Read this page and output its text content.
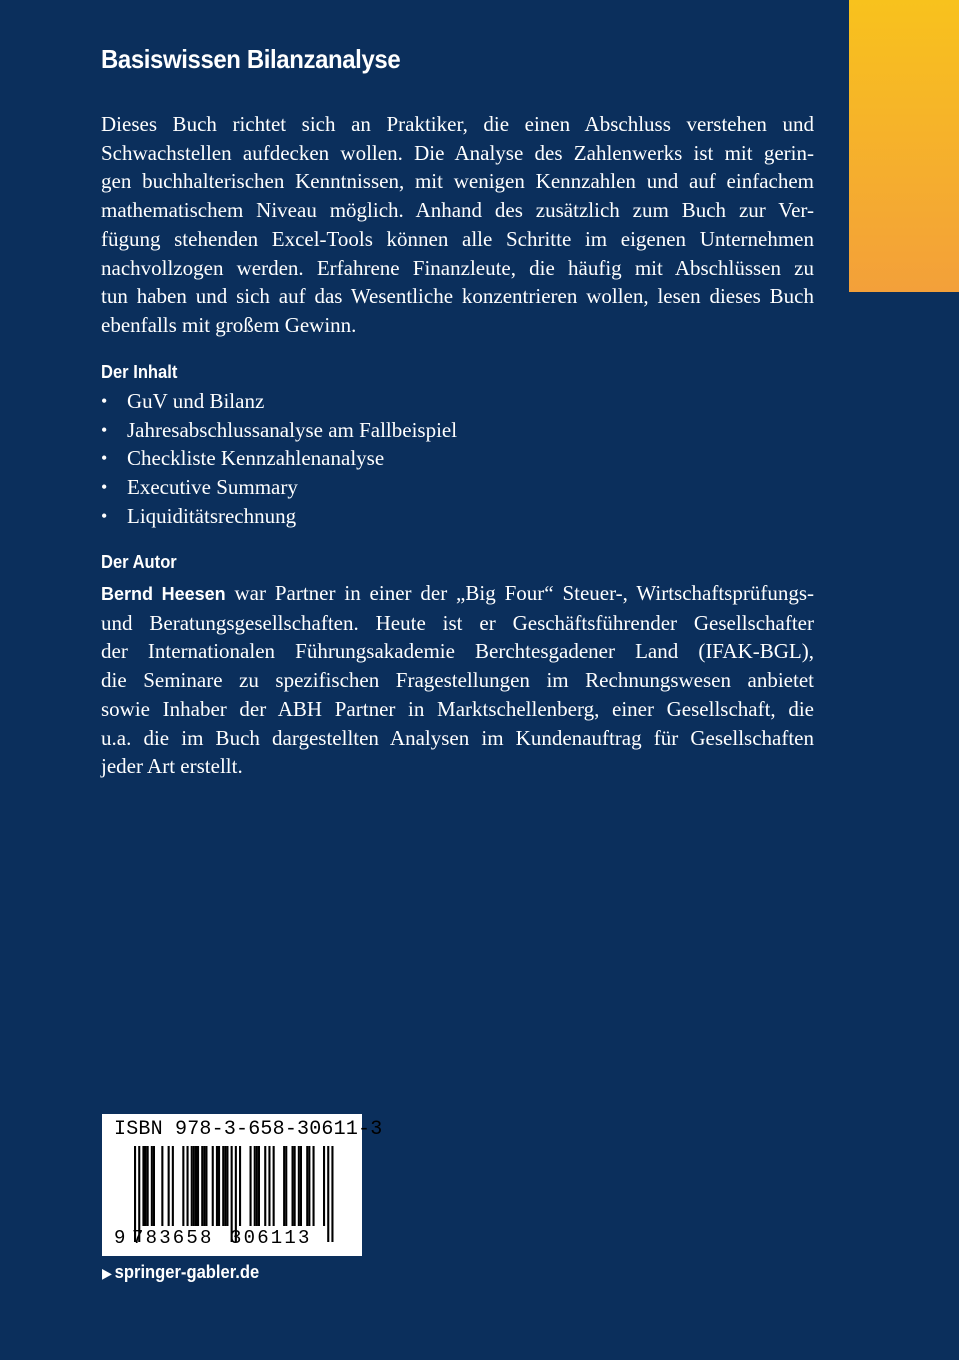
Basiswissen Bilanzanalyse

Dieses Buch richtet sich an Praktiker, die einen Abschluss verstehen und
Schwachstellen aufdecken wollen. Die Analyse des Zahlenwerks ist mit gerin-
gen buchhalterischen Kenntnissen, mit wenigen Kennzahlen und auf einfachem
mathematischem Niveau möglich. Anhand des zusätzlich zum Buch zur Ver-
fügung stehenden Excel-Tools können alle Schritte im eigenen Unternehmen
nachvollzogen werden. Erfahrene Finanzleute, die häufig mit Abschlüssen zu
tun haben und sich auf das Wesentliche konzentrieren wollen, lesen dieses Buch
ebenfalls mit großem Gewinn.

Der Inhalt
• GuV und Bilanz
• Jahresabschlussanalyse am Fallbeispiel
• Checkliste Kennzahlenanalyse
• Executive Summary
• Liquiditätsrechnung
Der Autor

Bernd Heesen war Partner in einer der „Big Four“ Steuer-, Wirtschaftsprüfungs-
und Beratungsgesellschaften. Heute ist er Geschäftsführender Gesellschafter
der Internationalen Führungsakademie Berchtesgadener Land (IFAK-BGL),
die Seminare zu spezifischen Fragestellungen im Rechnungswesen anbietet
sowie Inhaber der ABH Partner in Marktschellenberg, einer Gesellschaft, die
u.a. die im Buch dargestellten Analysen im Kundenauftrag für Gesellschaften
jeder Art erstellt.

ISBN 978-3-658-30611-3
9 783658 306113
▶ springer-gabler.de
